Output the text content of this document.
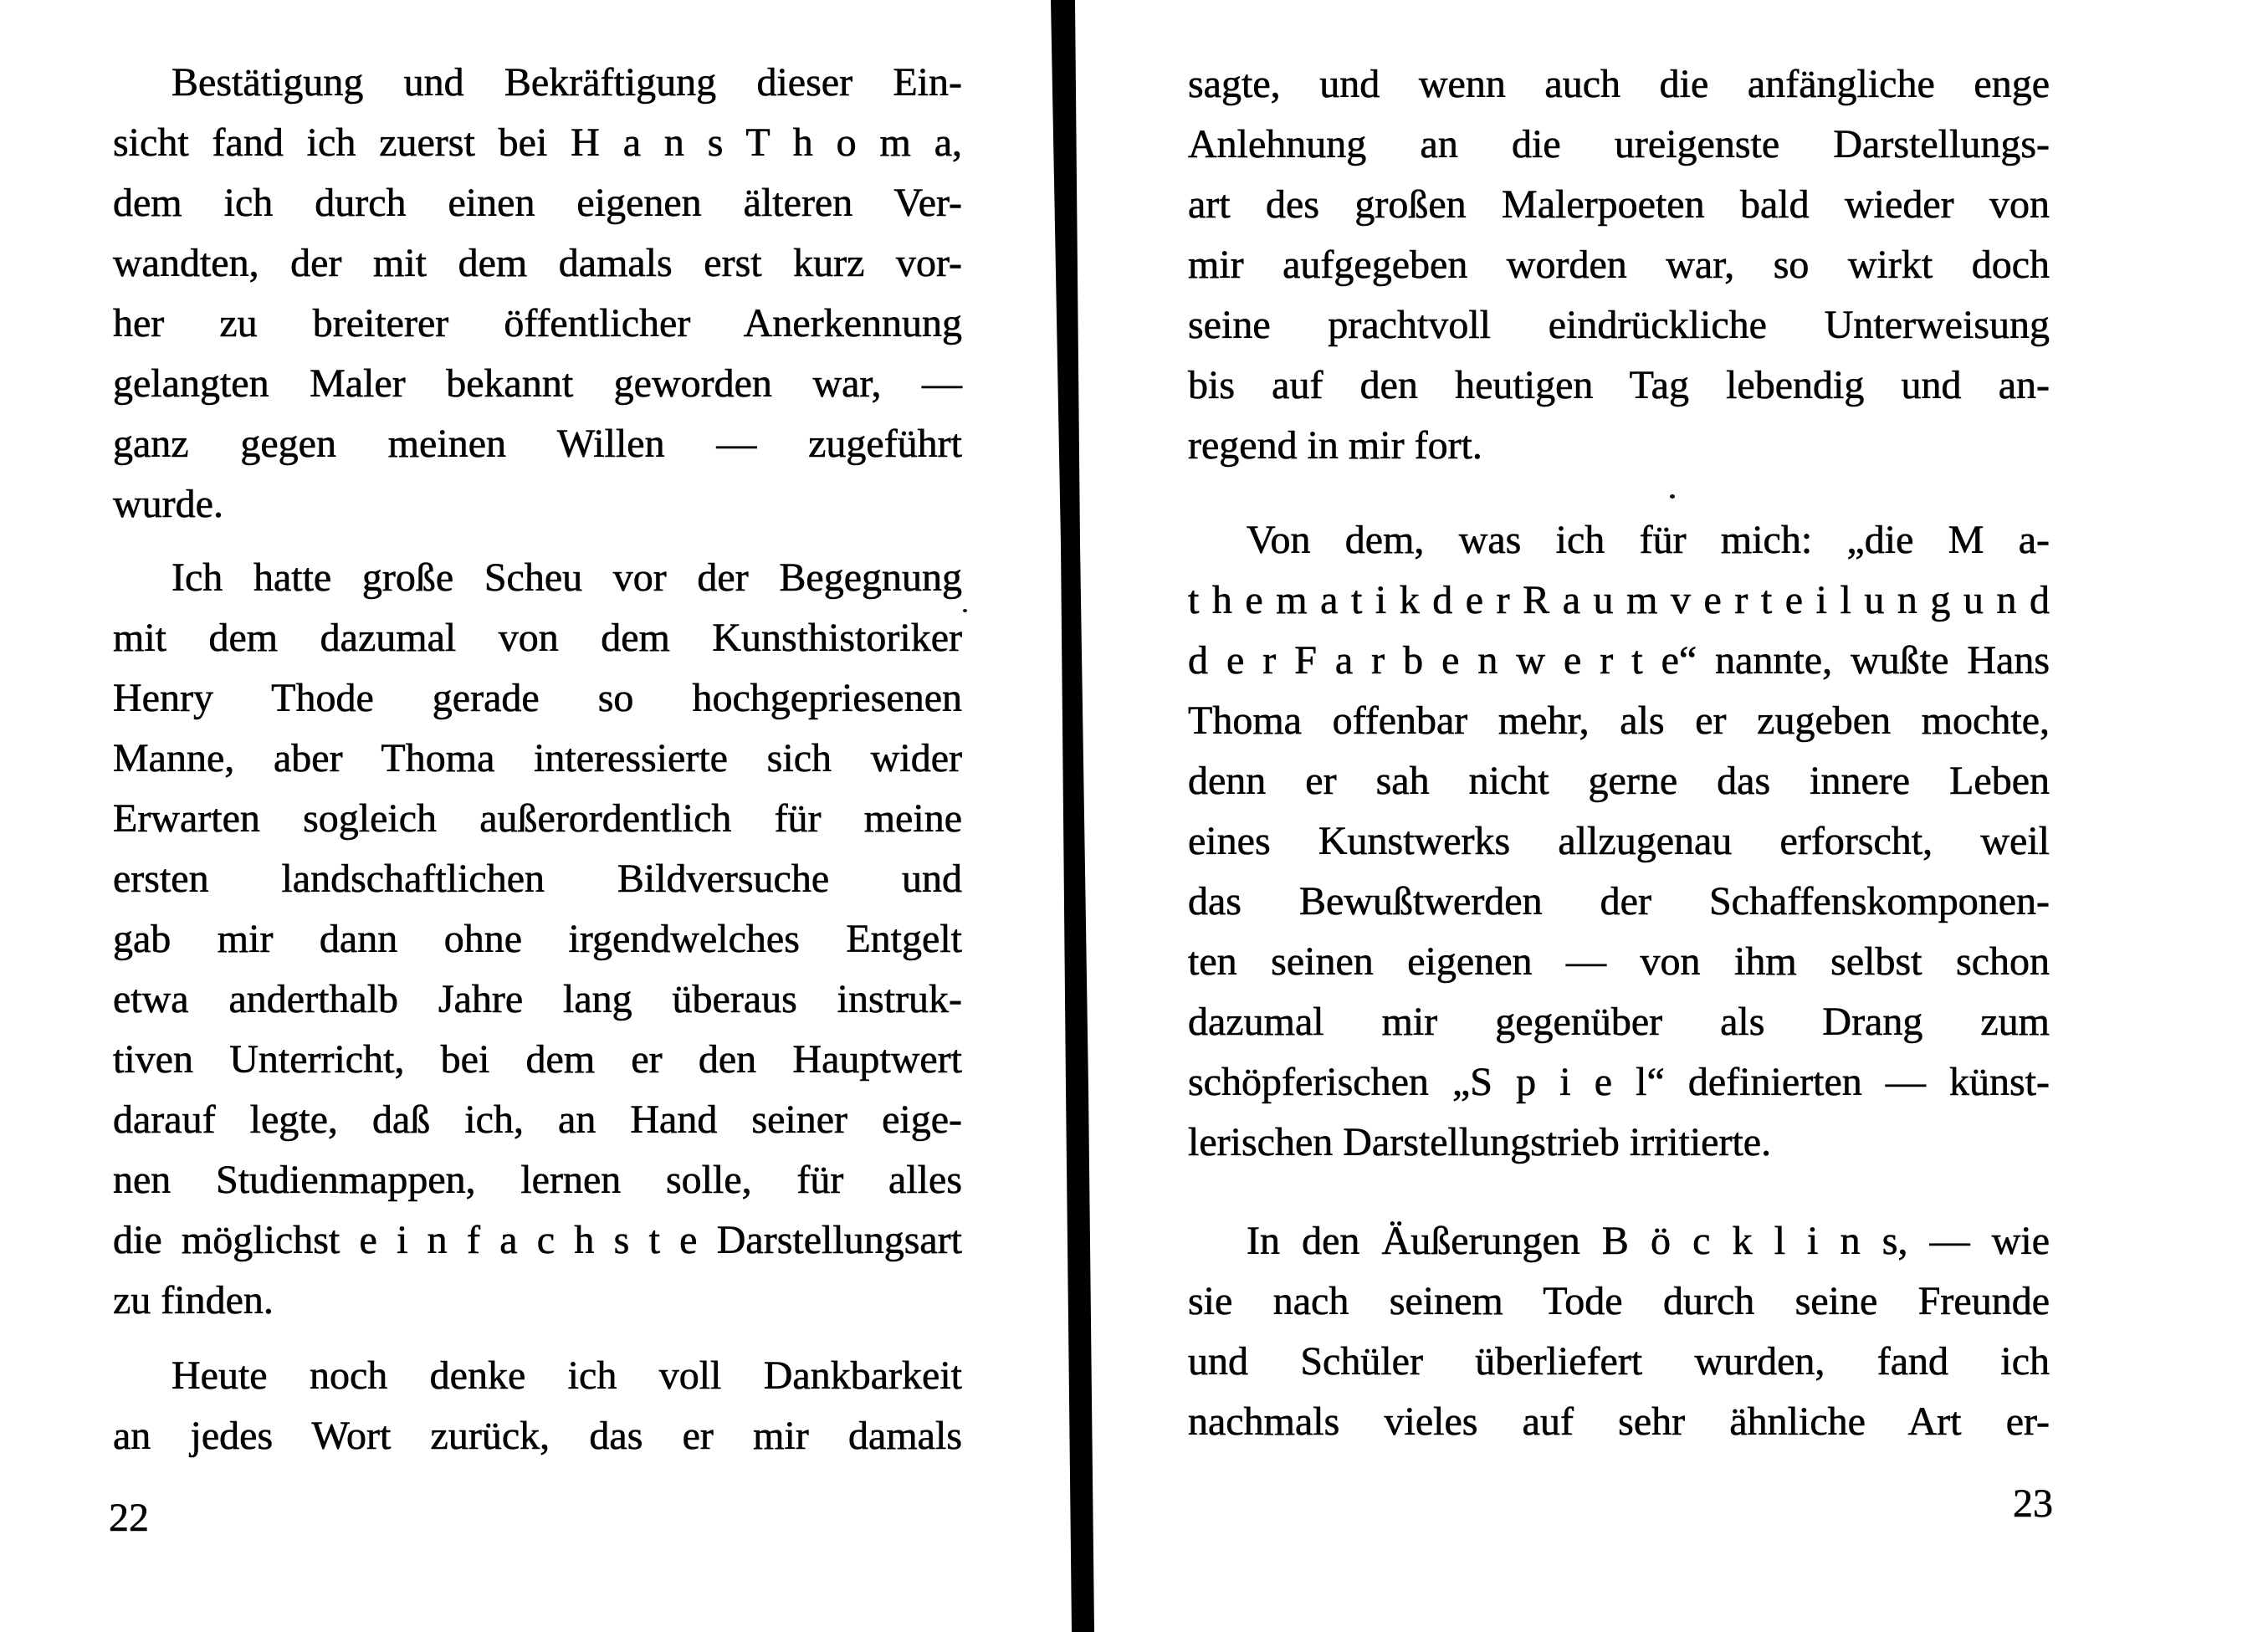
Bestätigung und Bekräftigung dieser Ein-
sicht fand ich zuerst bei H a n s T h o m a,
dem ich durch einen eigenen älteren Ver-
wandten, der mit dem damals erst kurz vor-
her zu breiterer öffentlicher Anerkennung
gelangten Maler bekannt geworden war, —
ganz gegen meinen Willen — zugeführt
wurde.
Ich hatte große Scheu vor der Begegnung
mit dem dazumal von dem Kunsthistoriker
Henry Thode gerade so hochgepriesenen
Manne, aber Thoma interessierte sich wider
Erwarten sogleich außerordentlich für meine
ersten landschaftlichen Bildversuche und
gab mir dann ohne irgendwelches Entgelt
etwa anderthalb Jahre lang überaus instruk-
tiven Unterricht, bei dem er den Hauptwert
darauf legte, daß ich, an Hand seiner eige-
nen Studienmappen, lernen solle, für alles
die möglichst e i n f a c h s t e Darstellungsart
zu finden.
Heute noch denke ich voll Dankbarkeit
an jedes Wort zurück, das er mir damals
22
sagte, und wenn auch die anfängliche enge
Anlehnung an die ureigenste Darstellungs-
art des großen Malerpoeten bald wieder von
mir aufgegeben worden war, so wirkt doch
seine prachtvoll eindrückliche Unterweisung
bis auf den heutigen Tag lebendig und an-
regend in mir fort.
Von dem, was ich für mich: „die M a-
t h e m a t i k d e r R a u m v e r t e i l u n g u n d
d e r F a r b e n w e r t e“ nannte, wußte Hans
Thoma offenbar mehr, als er zugeben mochte,
denn er sah nicht gerne das innere Leben
eines Kunstwerks allzugenau erforscht, weil
das Bewußtwerden der Schaffenskomponen-
ten seinen eigenen — von ihm selbst schon
dazumal mir gegenüber als Drang zum
schöpferischen „S p i e l“ definierten — künst-
lerischen Darstellungstrieb irritierte.
In den Äußerungen B ö c k l i n s, — wie
sie nach seinem Tode durch seine Freunde
und Schüler überliefert wurden, fand ich
nachmals vieles auf sehr ähnliche Art er-
23
